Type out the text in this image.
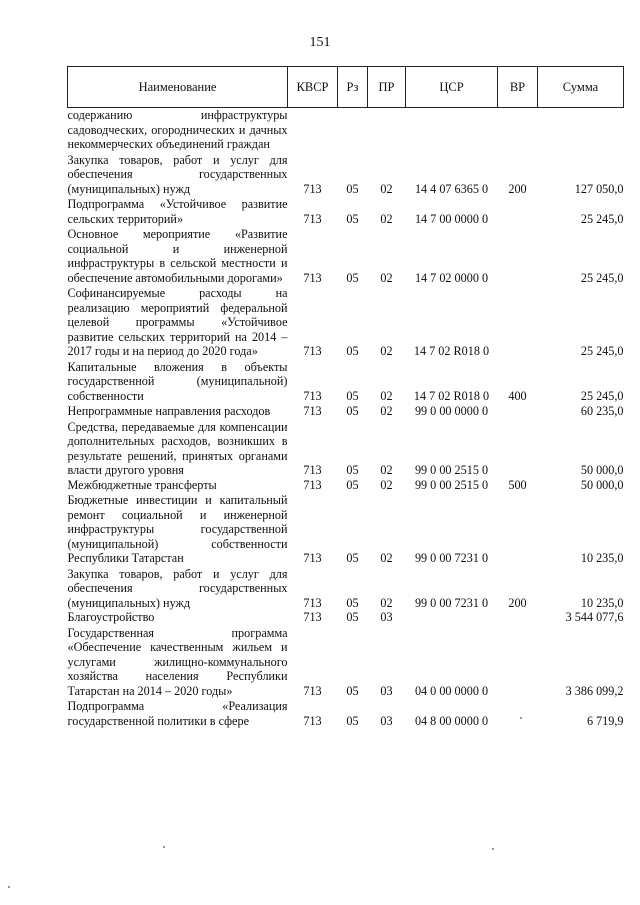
151
Наименование	КВСР	Рз	ПР	ЦСР	ВР	Сумма
содержанию инфраструктуры садоводческих, огороднических и дачных некоммерческих объединений граждан						
Закупка товаров, работ и услуг для обеспечения государственных (муниципальных) нужд	713	05	02	14 4 07 6365 0	200	127 050,0
Подпрограмма «Устойчивое развитие сельских территорий»	713	05	02	14 7 00 0000 0		25 245,0
Основное мероприятие «Развитие социальной и инженерной инфраструктуры в сельской местности и обеспечение автомобильными дорогами»	713	05	02	14 7 02 0000 0		25 245,0
Софинансируемые расходы на реализацию мероприятий федеральной целевой программы «Устойчивое развитие сельских территорий на 2014 – 2017 годы и на период до 2020 года»	713	05	02	14 7 02 R018 0		25 245,0
Капитальные вложения в объекты государственной (муниципальной) собственности	713	05	02	14 7 02 R018 0	400	25 245,0
Непрограммные направления расходов	713	05	02	99 0 00 0000 0		60 235,0
Средства, передаваемые для компенсации дополнительных расходов, возникших в результате решений, принятых органами власти другого уровня	713	05	02	99 0 00 2515 0		50 000,0
Межбюджетные трансферты	713	05	02	99 0 00 2515 0	500	50 000,0
Бюджетные инвестиции и капитальный ремонт социальной и инженерной инфраструктуры государственной (муниципальной) собственности Республики Татарстан	713	05	02	99 0 00 7231 0		10 235,0
Закупка товаров, работ и услуг для обеспечения государственных (муниципальных) нужд	713	05	02	99 0 00 7231 0	200	10 235,0
Благоустройство	713	05	03			3 544 077,6
Государственная программа «Обеспечение качественным жильем и услугами жилищно-коммунального хозяйства населения Республики Татарстан на 2014 – 2020 годы»	713	05	03	04 0 00 0000 0		3 386 099,2
Подпрограмма «Реализация государственной политики в сфере	713	05	03	04 8 00 0000 0		6 719,9
